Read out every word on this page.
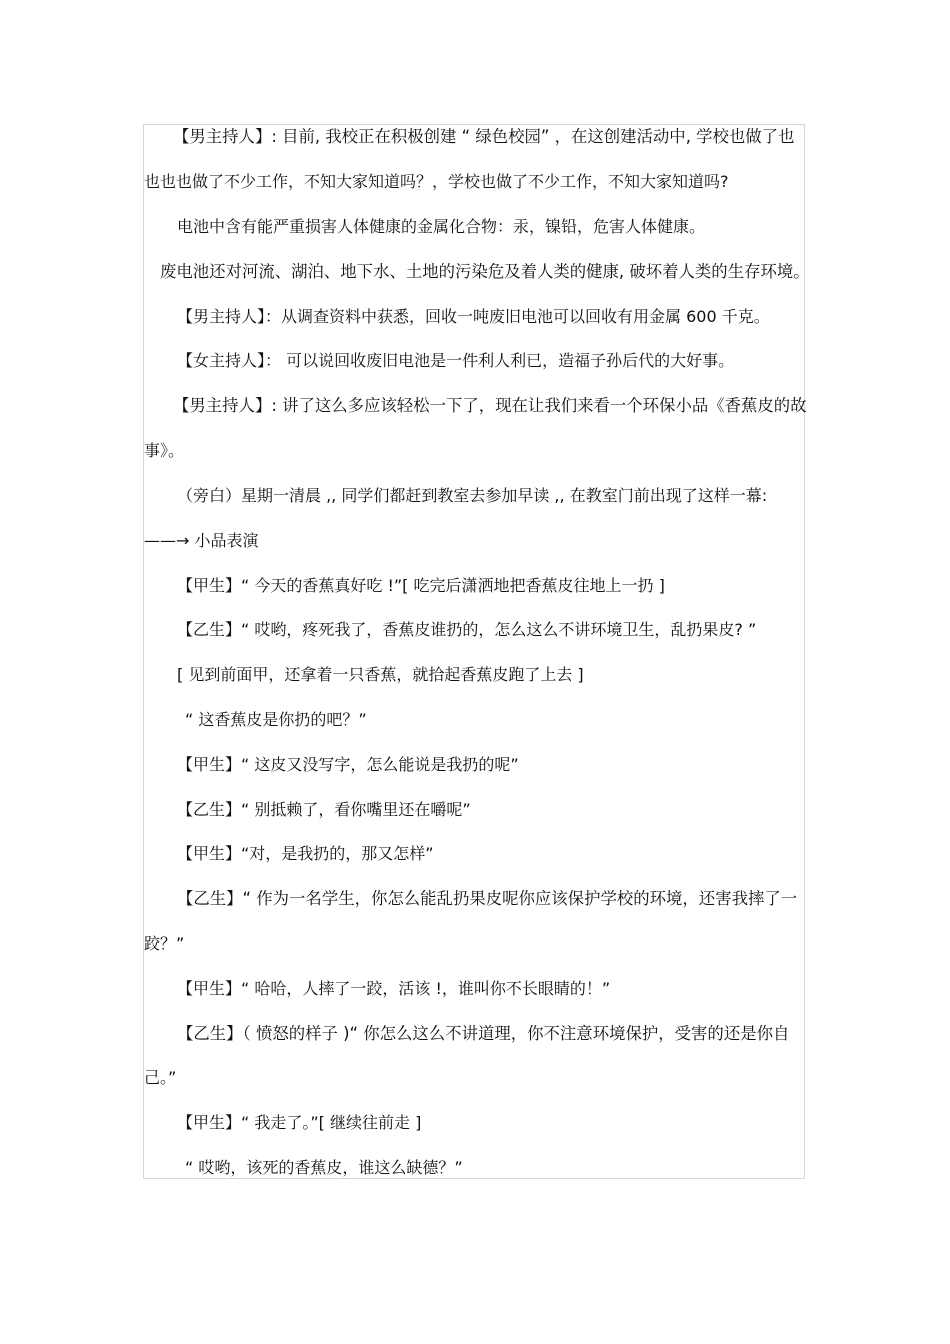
【男主持人】: 目前, 我校正在积极创建 “ 绿色校园” ，在这创建活动中, 学校也做了也
也也也做了不少工作，不知大家知道吗？，学校也做了不少工作，不知大家知道吗?
电池中含有能严重损害人体健康的金属化合物：汞，镍铅，危害人体健康。
废电池还对河流、湖泊、地下水、土地的污染危及着人类的健康, 破坏着人类的生存环境。
【男主持人】：从调查资料中获悉，回收一吨废旧电池可以回收有用金属 600 千克。
【女主持人】： 可以说回收废旧电池是一件利人利已，造福子孙后代的大好事。
【男主持人】: 讲了这么多应该轻松一下了，现在让我们来看一个环保小品《香蕉皮的故
事》。
（旁白）星期一清晨 ,, 同学们都赶到教室去参加早读 ,, 在教室门前出现了这样一幕:
——→ 小品表演
【甲生】“ 今天的香蕉真好吃 !”[ 吃完后潇洒地把香蕉皮往地上一扔 ]
【乙生】“ 哎哟，疼死我了，香蕉皮谁扔的，怎么这么不讲环境卫生，乱扔果皮? ”
[ 见到前面甲，还拿着一只香蕉，就拾起香蕉皮跑了上去 ]
“ 这香蕉皮是你扔的吧？”
【甲生】“ 这皮又没写字，怎么能说是我扔的呢”
【乙生】“ 别抵赖了，看你嘴里还在嚼呢”
【甲生】“对，是我扔的，那又怎样”
【乙生】“ 作为一名学生，你怎么能乱扔果皮呢你应该保护学校的环境，还害我摔了一
跤？”
【甲生】“ 哈哈，人摔了一跤，活该 !，谁叫你不长眼睛的！”
【乙生】（ 愤怒的样子 )“ 你怎么这么不讲道理，你不注意环境保护，受害的还是你自
己。”
【甲生】“ 我走了。”[ 继续往前走 ]
“ 哎哟，该死的香蕉皮，谁这么缺德？”
